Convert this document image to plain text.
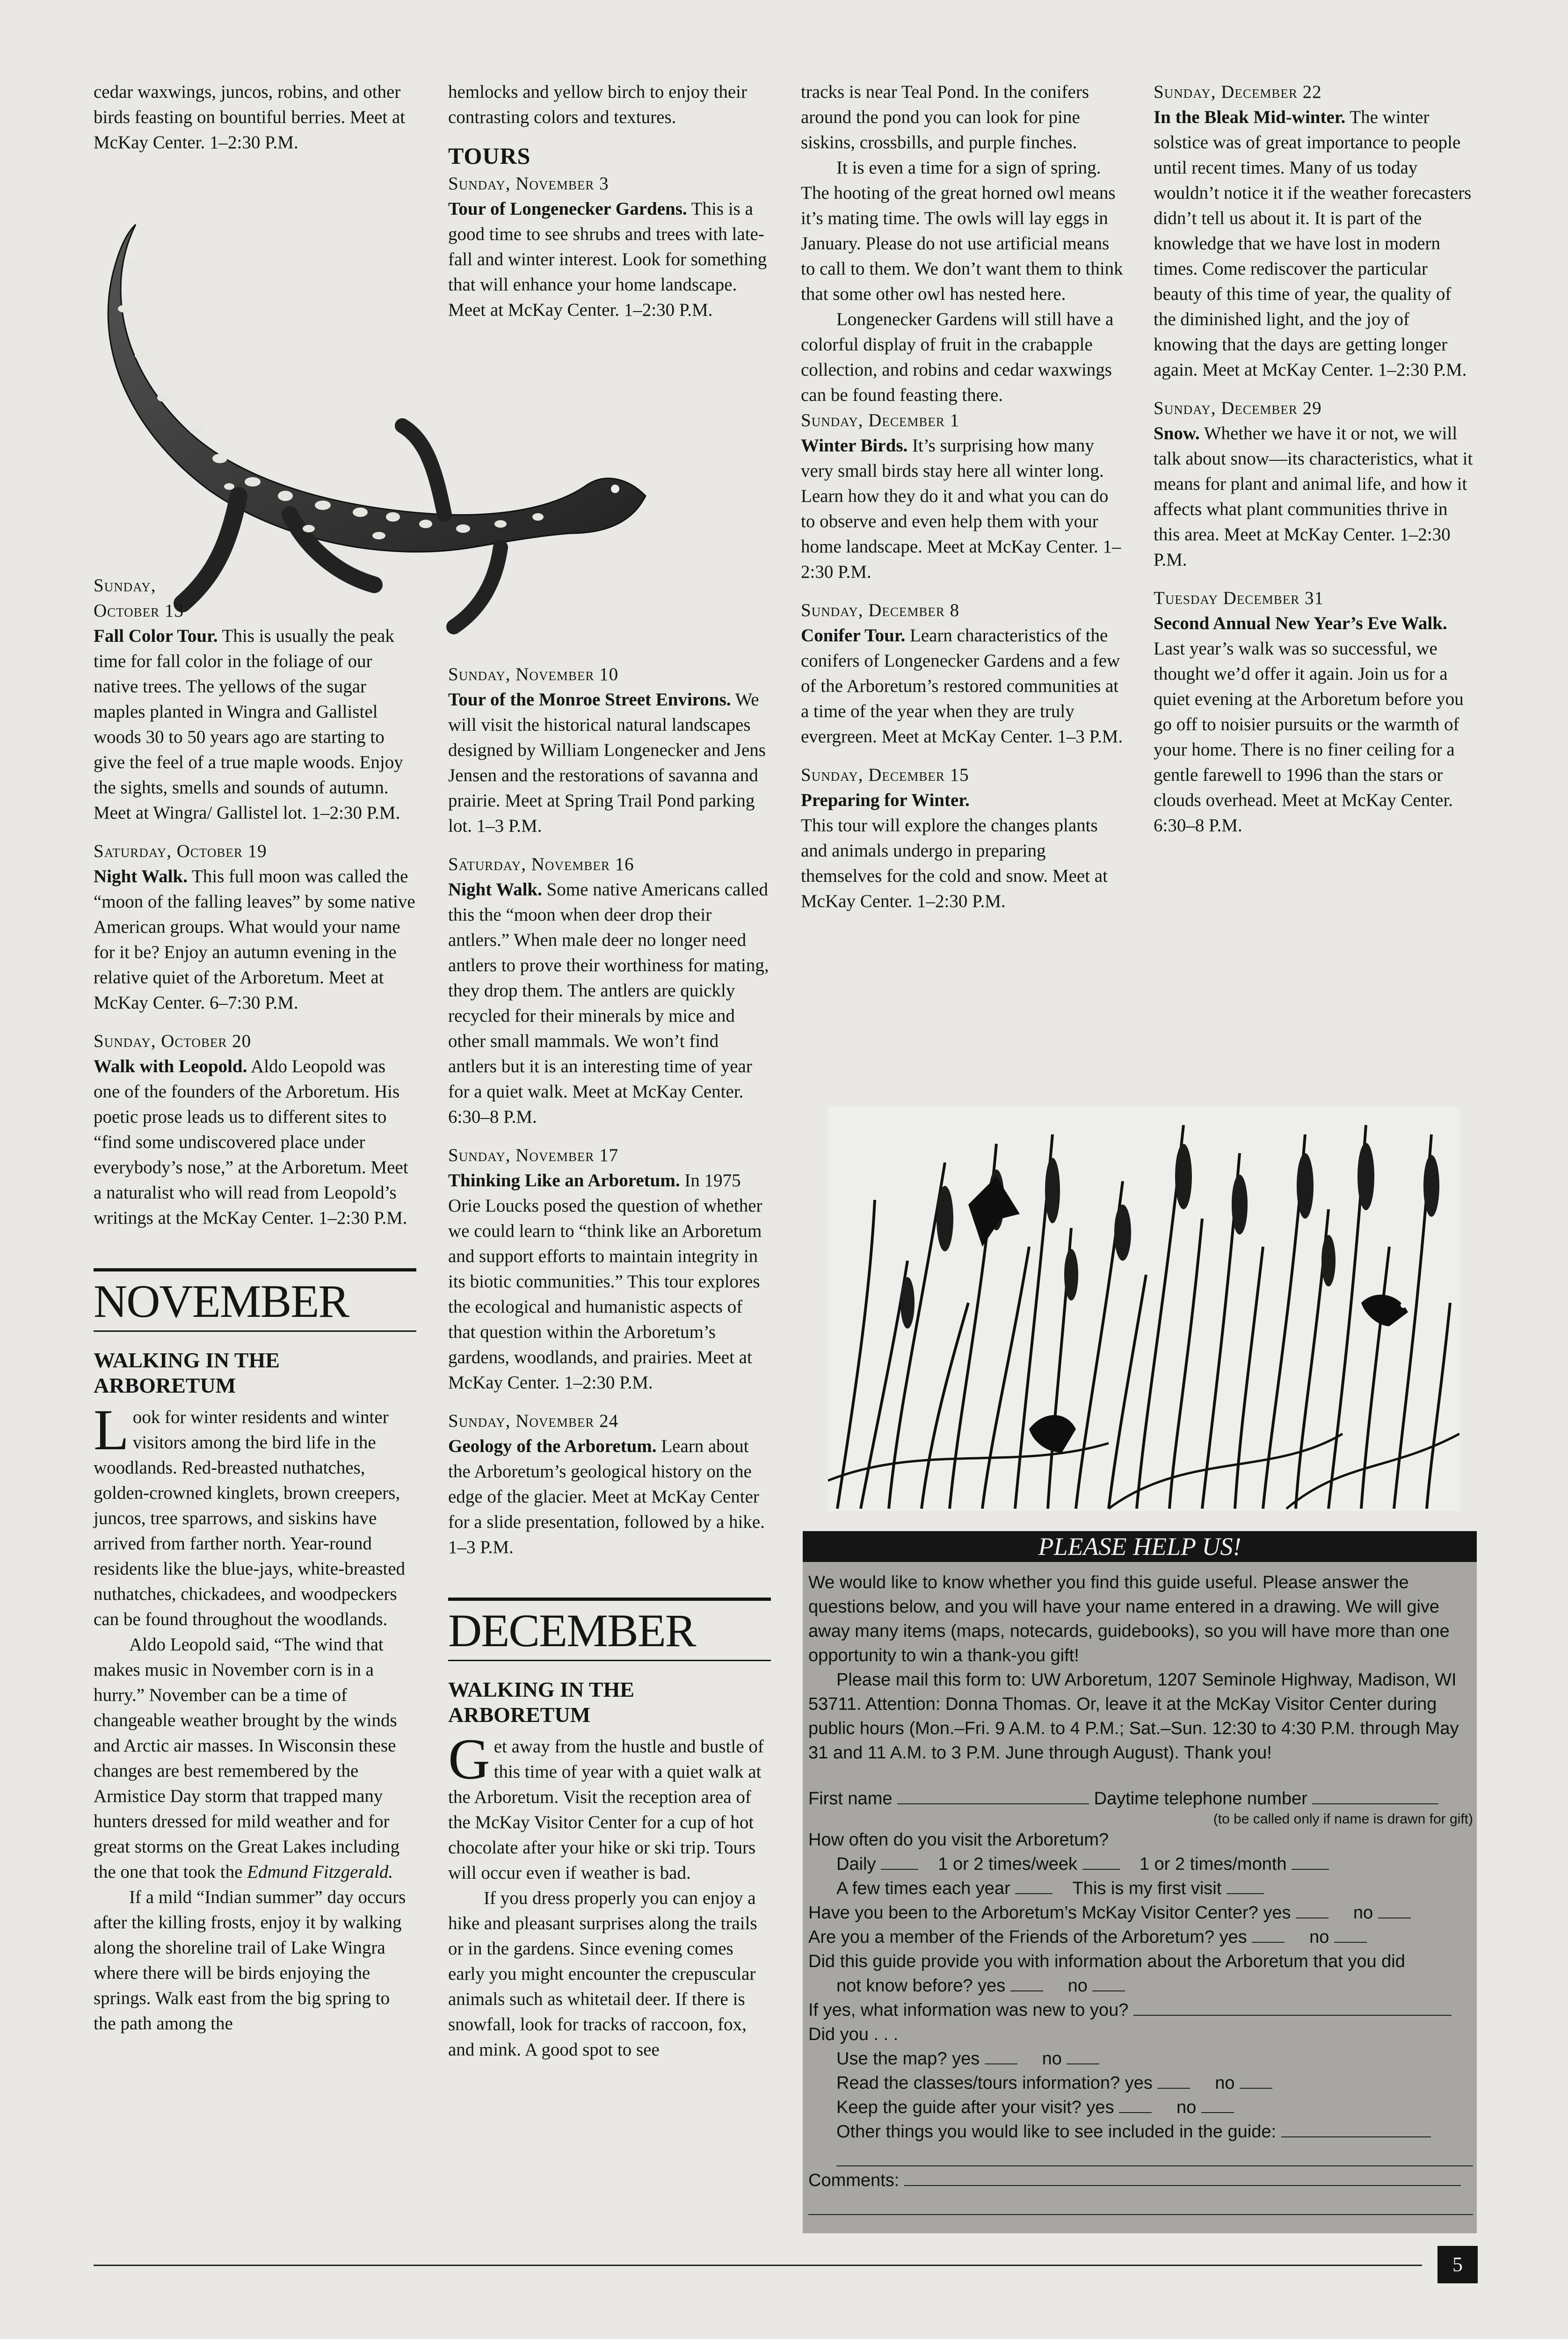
cedar waxwings, juncos, robins, and other birds feasting on bountiful berries. Meet at McKay Center. 1–2:30 P.M.

Sunday,

October 13

Fall Color Tour. This is usually the peak time for fall color in the foliage of our native trees. The yellows of the sugar maples planted in Wingra and Gallistel woods 30 to 50 years ago are starting to give the feel of a true maple woods. Enjoy the sights, smells and sounds of autumn. Meet at Wingra/ Gallistel lot. 1–2:30 P.M.

Saturday, October 19

Night Walk. This full moon was called the “moon of the falling leaves” by some native American groups. What would your name for it be? Enjoy an autumn evening in the relative quiet of the Arboretum. Meet at McKay Center. 6–7:30 P.M.

Sunday, October 20

Walk with Leopold. Aldo Leopold was one of the founders of the Arboretum. His poetic prose leads us to different sites to “find some undiscovered place under everybody’s nose,” at the Arboretum. Meet a naturalist who will read from Leopold’s writings at the McKay Center. 1–2:30 P.M.

NOVEMBER
WALKING IN THE ARBORETUM

Look for winter residents and winter visitors among the bird life in the woodlands. Red-breasted nuthatches, golden-crowned kinglets, brown creepers, juncos, tree sparrows, and siskins have arrived from farther north. Year-round residents like the blue-jays, white-breasted nuthatches, chickadees, and woodpeckers can be found throughout the woodlands.

Aldo Leopold said, “The wind that makes music in November corn is in a hurry.” November can be a time of changeable weather brought by the winds and Arctic air masses. In Wisconsin these changes are best remembered by the Armistice Day storm that trapped many hunters dressed for mild weather and for great storms on the Great Lakes including the one that took the Edmund Fitzgerald.

If a mild “Indian summer” day occurs after the killing frosts, enjoy it by walking along the shoreline trail of Lake Wingra where there will be birds enjoying the springs. Walk east from the big spring to the path among the

hemlocks and yellow birch to enjoy their contrasting colors and textures.

TOURS

Sunday, November 3

Tour of Longenecker Gardens. This is a good time to see shrubs and trees with late-fall and winter interest. Look for something that will enhance your home landscape. Meet at McKay Center. 1–2:30 P.M.

Sunday, November 10

Tour of the Monroe Street Environs. We will visit the historical natural landscapes designed by William Longenecker and Jens Jensen and the restorations of savanna and prairie. Meet at Spring Trail Pond parking lot. 1–3 P.M.

Saturday, November 16

Night Walk. Some native Americans called this the “moon when deer drop their antlers.” When male deer no longer need antlers to prove their worthiness for mating, they drop them. The antlers are quickly recycled for their minerals by mice and other small mammals. We won’t find antlers but it is an interesting time of year for a quiet walk. Meet at McKay Center. 6:30–8 P.M.

Sunday, November 17

Thinking Like an Arboretum. In 1975 Orie Loucks posed the question of whether we could learn to “think like an Arboretum and support efforts to maintain integrity in its biotic communities.” This tour explores the ecological and humanistic aspects of that question within the Arboretum’s gardens, woodlands, and prairies. Meet at McKay Center. 1–2:30 P.M.

Sunday, November 24

Geology of the Arboretum. Learn about the Arboretum’s geological history on the edge of the glacier. Meet at McKay Center for a slide presentation, followed by a hike. 1–3 P.M.

DECEMBER
WALKING IN THE ARBORETUM

Get away from the hustle and bustle of this time of year with a quiet walk at the Arboretum. Visit the reception area of the McKay Visitor Center for a cup of hot chocolate after your hike or ski trip. Tours will occur even if weather is bad.

If you dress properly you can enjoy a hike and pleasant surprises along the trails or in the gardens. Since evening comes early you might encounter the crepuscular animals such as whitetail deer. If there is snowfall, look for tracks of raccoon, fox, and mink. A good spot to see

tracks is near Teal Pond. In the conifers around the pond you can look for pine siskins, crossbills, and purple finches.

It is even a time for a sign of spring. The hooting of the great horned owl means it’s mating time. The owls will lay eggs in January. Please do not use artificial means to call to them. We don’t want them to think that some other owl has nested here.

Longenecker Gardens will still have a colorful display of fruit in the crabapple collection, and robins and cedar waxwings can be found feasting there.

Sunday, December 1

Winter Birds. It’s surprising how many very small birds stay here all winter long. Learn how they do it and what you can do to observe and even help them with your home landscape. Meet at McKay Center. 1–2:30 P.M.

Sunday, December 8

Conifer Tour. Learn characteristics of the conifers of Longenecker Gardens and a few of the Arboretum’s restored communities at a time of the year when they are truly evergreen. Meet at McKay Center. 1–3 P.M.

Sunday, December 15

Preparing for Winter.

This tour will explore the changes plants and animals undergo in preparing themselves for the cold and snow. Meet at McKay Center. 1–2:30 P.M.

Sunday, December 22

In the Bleak Mid-winter. The winter solstice was of great importance to people until recent times. Many of us today wouldn’t notice it if the weather forecasters didn’t tell us about it. It is part of the knowledge that we have lost in modern times. Come rediscover the particular beauty of this time of year, the quality of the diminished light, and the joy of knowing that the days are getting longer again. Meet at McKay Center. 1–2:30 P.M.

Sunday, December 29

Snow. Whether we have it or not, we will talk about snow—its characteristics, what it means for plant and animal life, and how it affects what plant communities thrive in this area. Meet at McKay Center. 1–2:30 P.M.

Tuesday December 31

Second Annual New Year’s Eve Walk. Last year’s walk was so successful, we thought we’d offer it again. Join us for a quiet evening at the Arboretum before you go off to noisier pursuits or the warmth of your home. There is no finer ceiling for a gentle farewell to 1996 than the stars or clouds overhead. Meet at McKay Center. 6:30–8 P.M.

PLEASE HELP US!

We would like to know whether you find this guide useful. Please answer the questions below, and you will have your name entered in a drawing. We will give away many items (maps, notecards, guidebooks), so you will have more than one opportunity to win a thank-you gift!

Please mail this form to: UW Arboretum, 1207 Seminole Highway, Madison, WI 53711. Attention: Donna Thomas. Or, leave it at the McKay Visitor Center during public hours (Mon.–Fri. 9 A.M. to 4 P.M.; Sat.–Sun. 12:30 to 4:30 P.M. through May 31 and 11 A.M. to 3 P.M. June through August). Thank you!

First name	Daytime telephone number

(to be called only if name is drawn for gift)

How often do you visit the Arboretum?

Daily	1 or 2 times/week	1 or 2 times/month

A few times each year	This is my first visit

Have you been to the Arboretum’s McKay Visitor Center? yes	no

Are you a member of the Friends of the Arboretum? yes	no

Did this guide provide you with information about the Arboretum that you did

not know before? yes	no

If yes, what information was new to you?

Did you . . .

Use the map? yes	no

Read the classes/tours information? yes	no

Keep the guide after your visit? yes	no

Other things you would like to see included in the guide:

Comments:

5
